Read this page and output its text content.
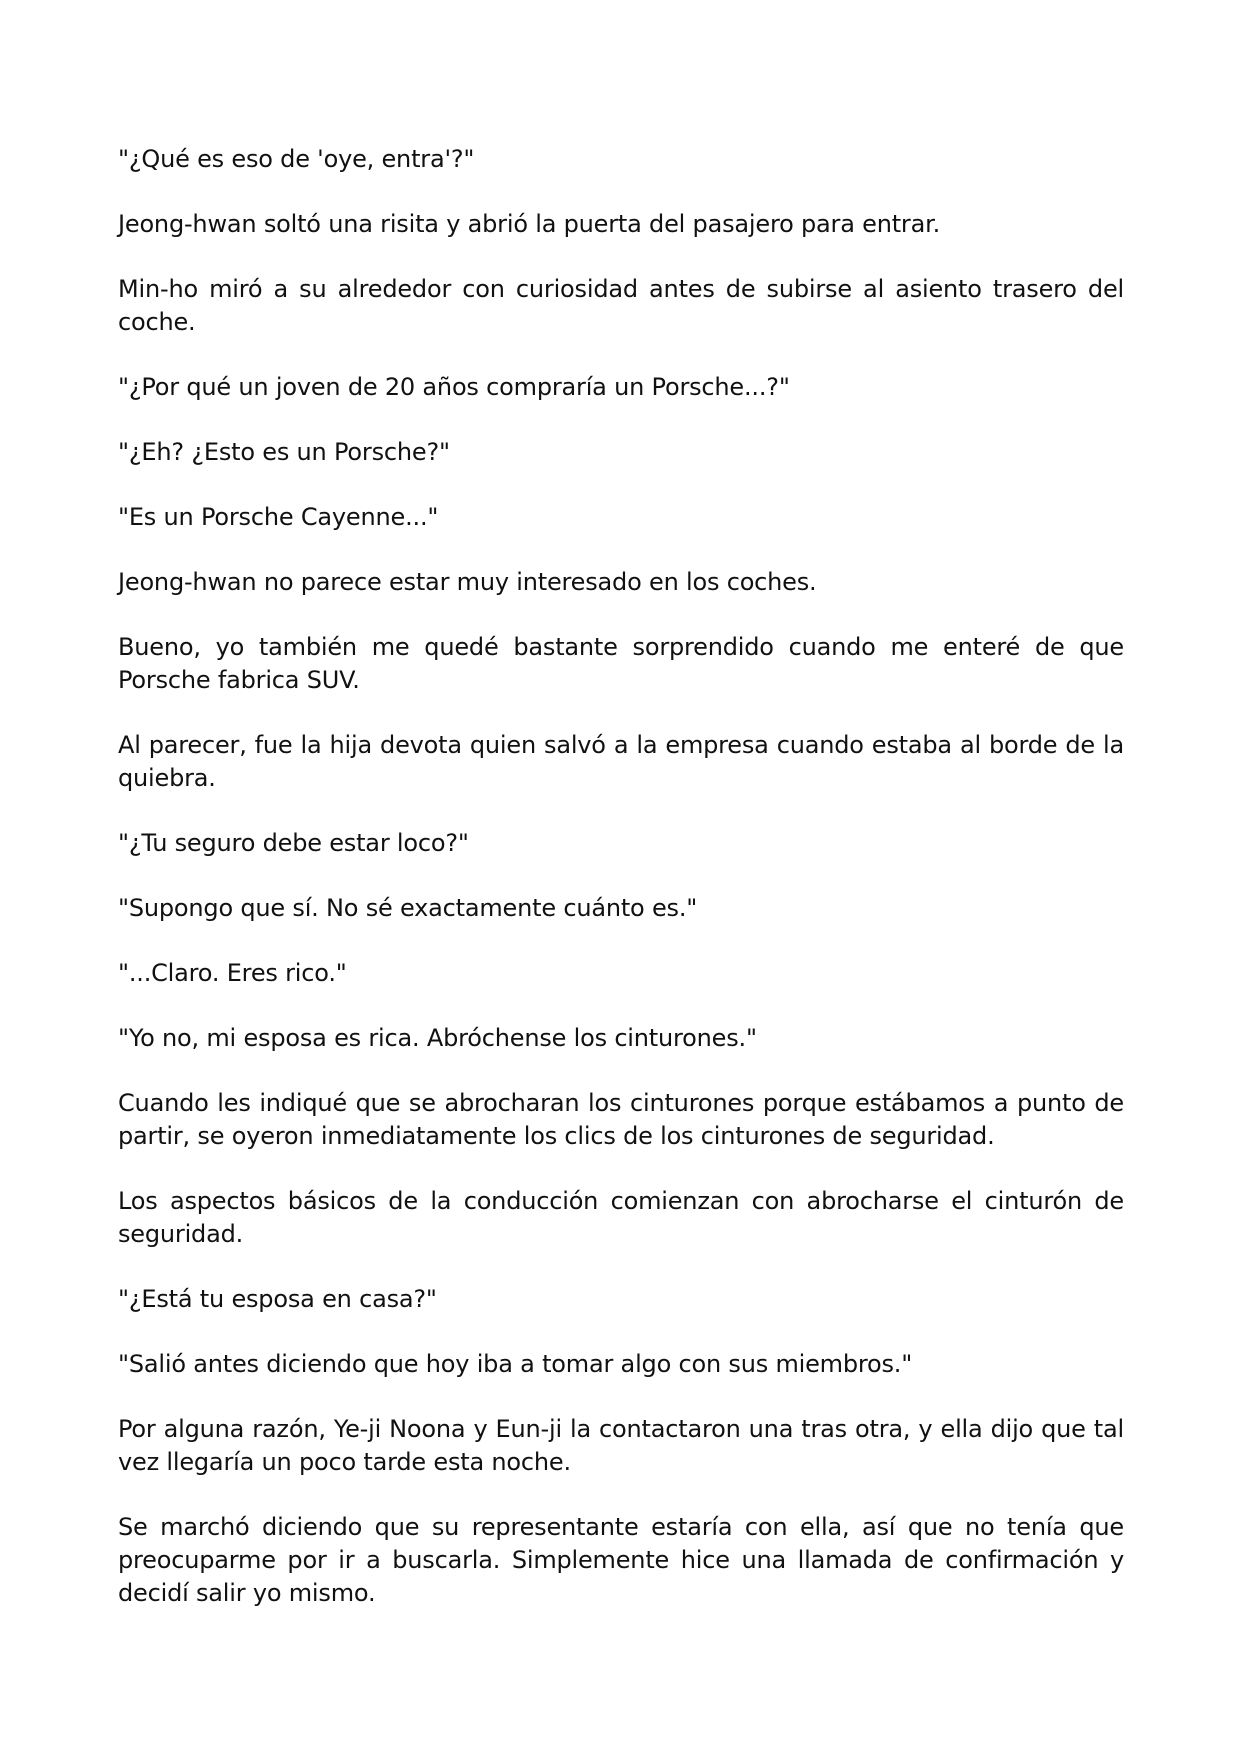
"¿Qué es eso de 'oye, entra'?"

Jeong-hwan soltó una risita y abrió la puerta del pasajero para entrar.

Min-ho miró a su alrededor con curiosidad antes de subirse al asiento trasero del coche.

"¿Por qué un joven de 20 años compraría un Porsche...?"

"¿Eh? ¿Esto es un Porsche?"

"Es un Porsche Cayenne..."

Jeong-hwan no parece estar muy interesado en los coches.

Bueno, yo también me quedé bastante sorprendido cuando me enteré de que Porsche fabrica SUV.

Al parecer, fue la hija devota quien salvó a la empresa cuando estaba al borde de la quiebra.

"¿Tu seguro debe estar loco?"

"Supongo que sí. No sé exactamente cuánto es."

"...Claro. Eres rico."

"Yo no, mi esposa es rica. Abróchense los cinturones."

Cuando les indiqué que se abrocharan los cinturones porque estábamos a punto de partir, se oyeron inmediatamente los clics de los cinturones de seguridad.

Los aspectos básicos de la conducción comienzan con abrocharse el cinturón de seguridad.

"¿Está tu esposa en casa?"

"Salió antes diciendo que hoy iba a tomar algo con sus miembros."

Por alguna razón, Ye-ji Noona y Eun-ji la contactaron una tras otra, y ella dijo que tal vez llegaría un poco tarde esta noche.

Se marchó diciendo que su representante estaría con ella, así que no tenía que preocuparme por ir a buscarla. Simplemente hice una llamada de confirmación y decidí salir yo mismo.
